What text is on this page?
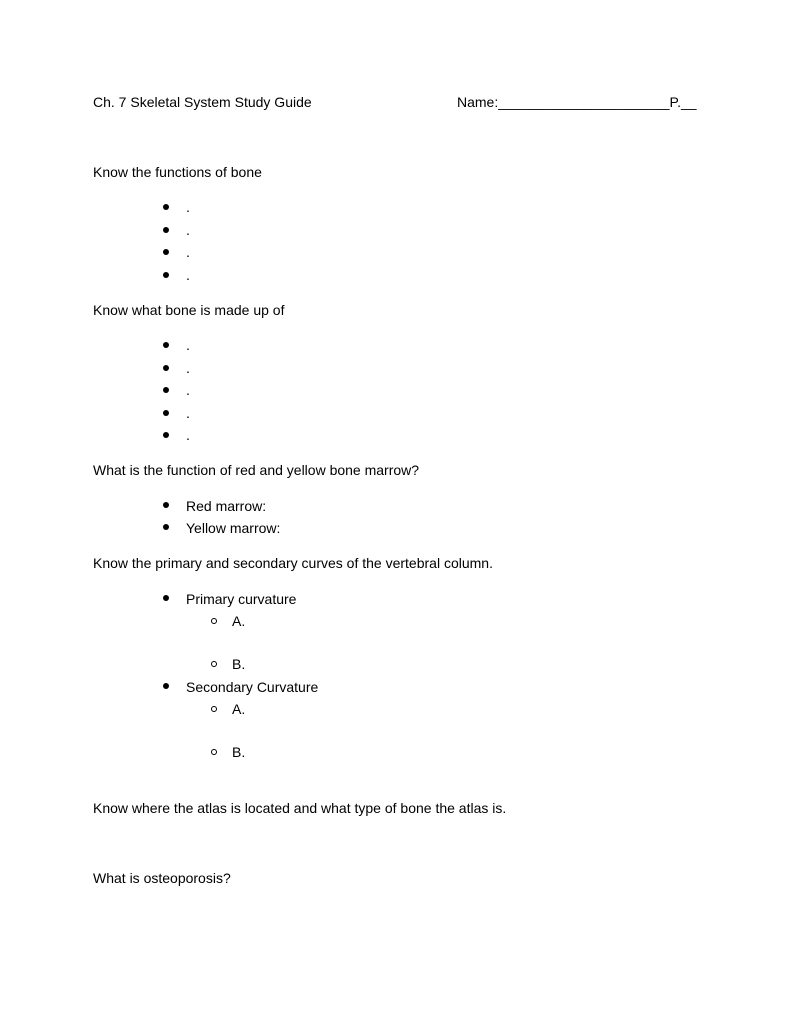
Ch. 7 Skeletal System Study Guide	Name:______________________P.__
Know the functions of bone
.
.
.
.
Know what bone is made up of
.
.
.
.
.
What is the function of red and yellow bone marrow?
Red marrow:
Yellow marrow:
Know the primary and secondary curves of the vertebral column.
Primary curvature
A.
B.
Secondary Curvature
A.
B.
Know where the atlas is located and what type of bone the atlas is.
What is osteoporosis?
